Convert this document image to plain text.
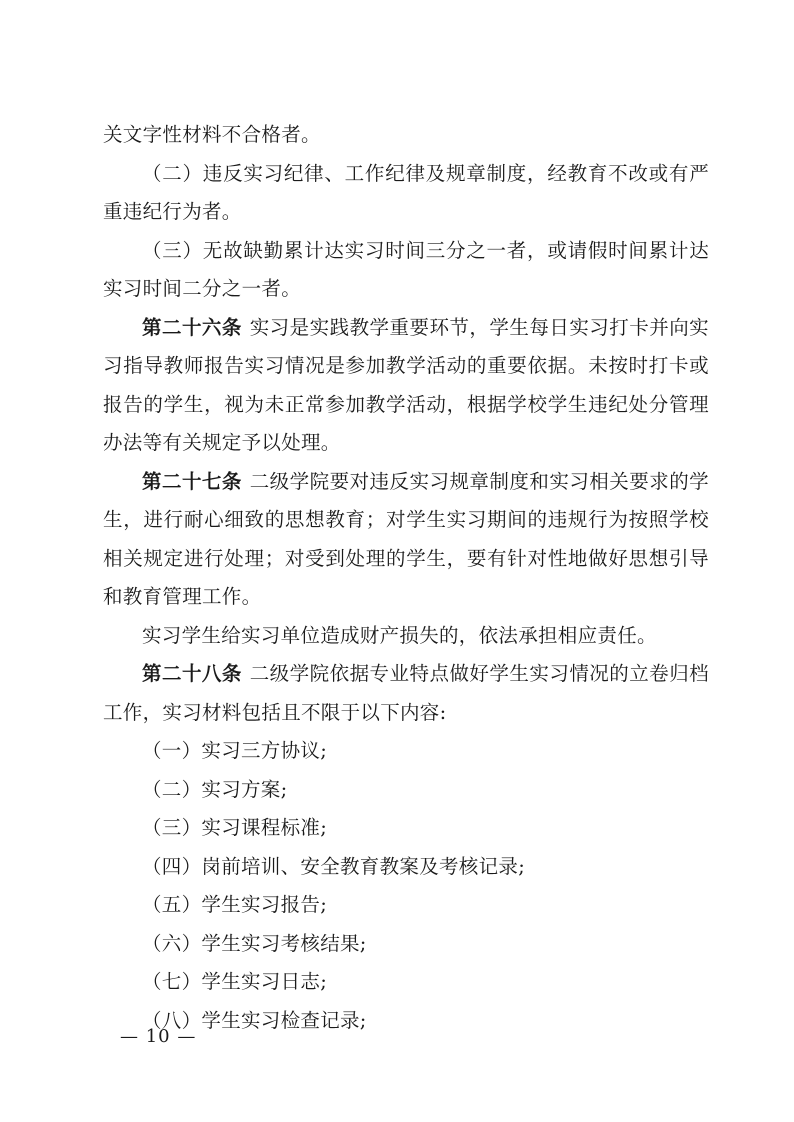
关文字性材料不合格者。

（二）违反实习纪律、工作纪律及规章制度，经教育不改或有严重违纪行为者。

（三）无故缺勤累计达实习时间三分之一者，或请假时间累计达实习时间二分之一者。

第二十六条 实习是实践教学重要环节，学生每日实习打卡并向实习指导教师报告实习情况是参加教学活动的重要依据。未按时打卡或报告的学生，视为未正常参加教学活动，根据学校学生违纪处分管理办法等有关规定予以处理。

第二十七条 二级学院要对违反实习规章制度和实习相关要求的学生，进行耐心细致的思想教育；对学生实习期间的违规行为按照学校相关规定进行处理；对受到处理的学生，要有针对性地做好思想引导和教育管理工作。

实习学生给实习单位造成财产损失的，依法承担相应责任。

第二十八条 二级学院依据专业特点做好学生实习情况的立卷归档工作，实习材料包括且不限于以下内容:

（一）实习三方协议;

（二）实习方案;

（三）实习课程标准;

（四）岗前培训、安全教育教案及考核记录;

（五）学生实习报告;

（六）学生实习考核结果;

（七）学生实习日志;

（八）学生实习检查记录;

— 10 —
